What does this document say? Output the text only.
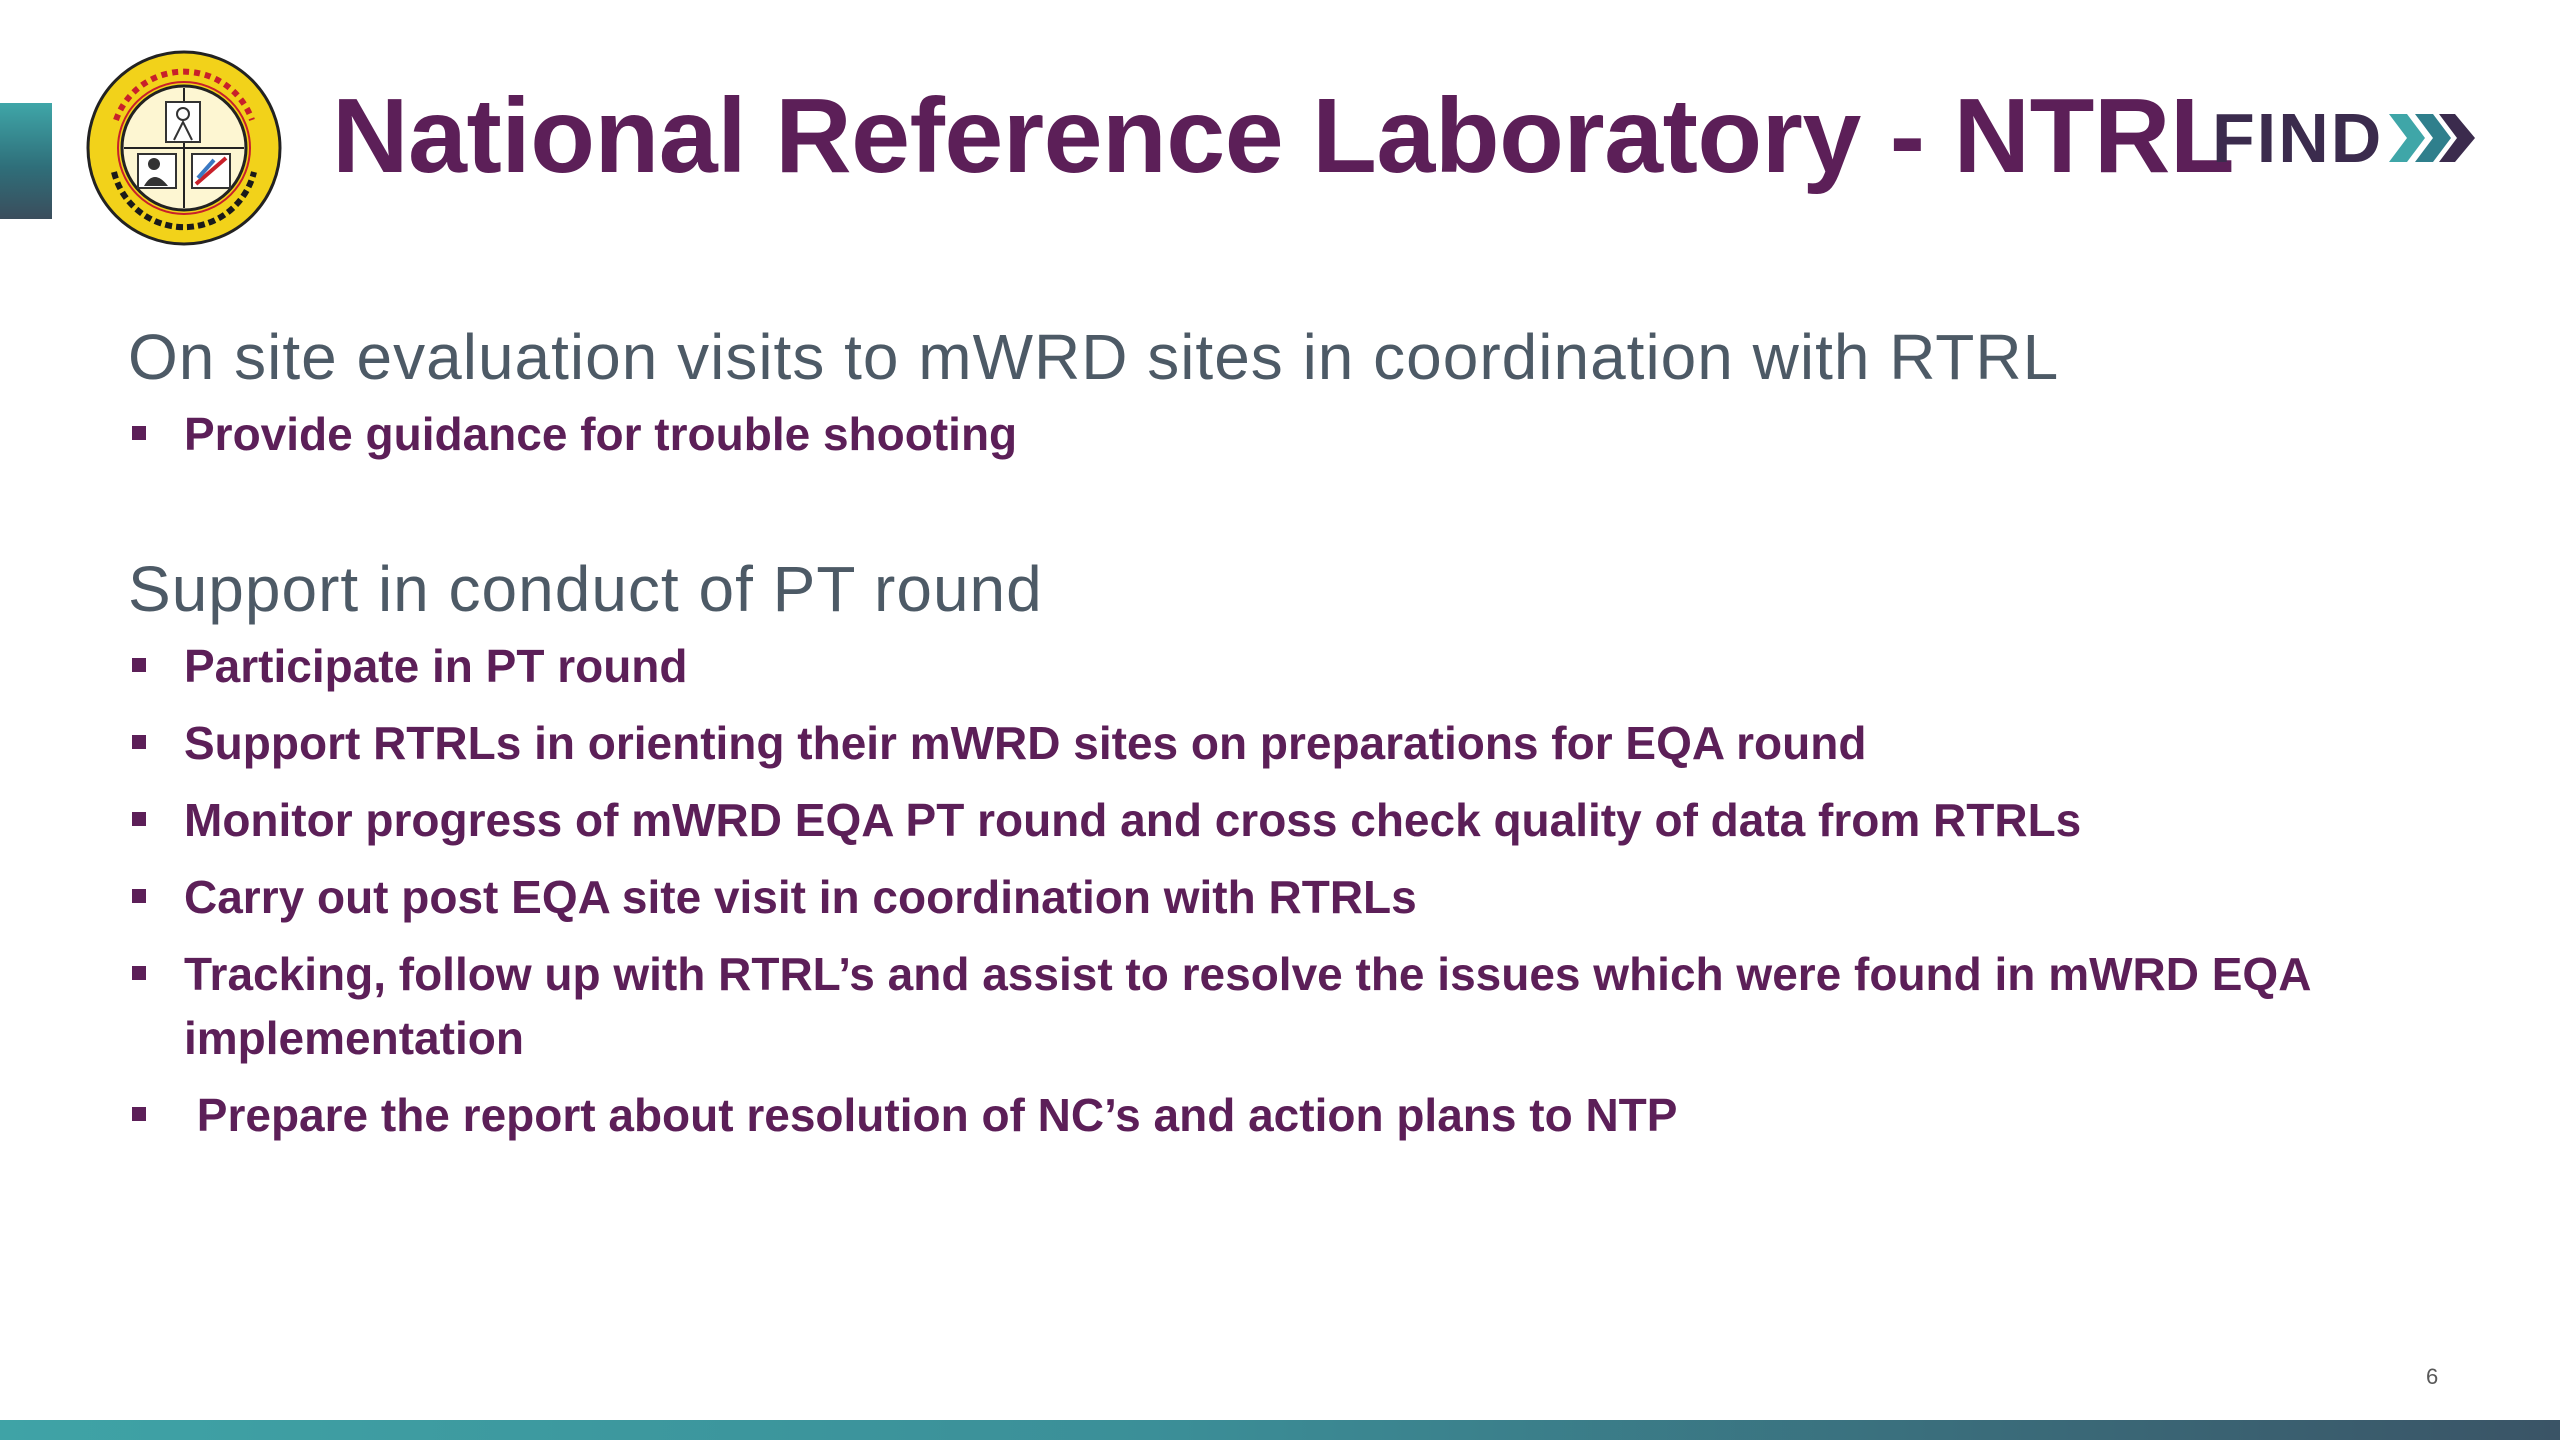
National Reference Laboratory - NTRL
FIND

On site evaluation visits to mWRD sites in coordination with RTRL

Provide guidance for trouble shooting

Support in conduct of PT round

Participate in PT round
Support RTRLs in orienting their mWRD sites on preparations for EQA round
Monitor progress of mWRD EQA PT round and cross check quality of data from RTRLs
Carry out post EQA site visit in coordination with RTRLs
Tracking, follow up with RTRL’s and assist to resolve the issues which were found in mWRD EQA implementation
Prepare the report about resolution of NC’s and action plans to NTP
6
